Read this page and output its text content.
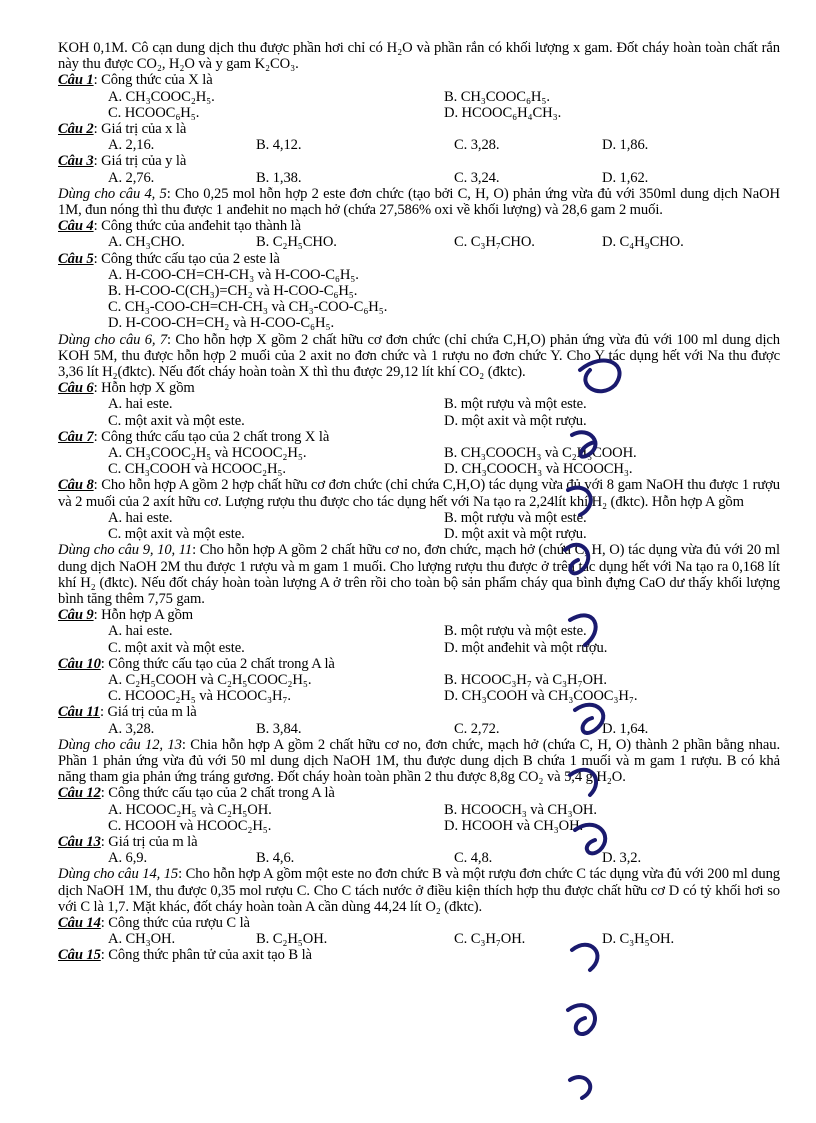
KOH 0,1M. Cô cạn dung dịch thu được phần hơi chỉ có H₂O và phần rắn có khối lượng x gam. Đốt cháy hoàn toàn chất rắn này thu được CO₂, H₂O và y gam K₂CO₃.

Câu 1: Công thức của X là
A. CH₃COOC₂H₅.	B. CH₃COOC₆H₅.
C. HCOOC₆H₅.	D. HCOOC₆H₄CH₃.
Câu 2: Giá trị của x là
A. 2,16.	B. 4,12.	C. 3,28.	D. 1,86.
Câu 3: Giá trị của y là
A. 2,76.	B. 1,38.	C. 3,24.	D. 1,62.

Dùng cho câu 4, 5: Cho 0,25 mol hỗn hợp 2 este đơn chức (tạo bởi C, H, O) phản ứng vừa đủ với 350ml dung dịch NaOH 1M, đun nóng thì thu được 1 anđehit no mạch hở (chứa 27,586% oxi về khối lượng) và 28,6 gam 2 muối.

Câu 4: Công thức của anđehit tạo thành là
A. CH₃CHO.	B. C₂H₅CHO.	C. C₃H₇CHO.	D. C₄H₉CHO.
Câu 5: Công thức cấu tạo của 2 este là
A. H-COO-CH=CH-CH₃ và H-COO-C₆H₅.
B. H-COO-C(CH₃)=CH₂ và H-COO-C₆H₅.
C. CH₃-COO-CH=CH-CH₃ và CH₃-COO-C₆H₅.
D. H-COO-CH=CH₂ và H-COO-C₆H₅.

Dùng cho câu 6, 7: Cho hỗn hợp X gồm 2 chất hữu cơ đơn chức (chỉ chứa C,H,O) phản ứng vừa đủ với 100 ml dung dịch KOH 5M, thu được hỗn hợp 2 muối của 2 axit no đơn chức và 1 rượu no đơn chức Y. Cho Y tác dụng hết với Na thu được 3,36 lít H₂(đktc). Nếu đốt cháy hoàn toàn X thì thu được 29,12 lít khí CO₂ (đktc).

Câu 6: Hỗn hợp X gồm
A. hai este.	B. một rượu và một este.
C. một axit và một este.	D. một axit và một rượu.
Câu 7: Công thức cấu tạo của 2 chất trong X là
A. CH₃COOC₂H₅ và HCOOC₂H₅.	B. CH₃COOCH₃ và C₂H₅COOH.
C. CH₃COOH và HCOOC₂H₅.	D. CH₃COOCH₃ và HCOOCH₃.

Câu 8: Cho hỗn hợp A gồm 2 hợp chất hữu cơ đơn chức (chỉ chứa C,H,O) tác dụng vừa đủ với 8 gam NaOH thu được 1 rượu và 2 muối của 2 axít hữu cơ. Lượng rượu thu được cho tác dụng hết với Na tạo ra 2,24lít khí H₂ (đktc). Hỗn hợp A gồm

A. hai este.	B. một rượu và một este.
C. một axit và một este.	D. một axit và một rượu.

Dùng cho câu 9, 10, 11: Cho hỗn hợp A gồm 2 chất hữu cơ no, đơn chức, mạch hở (chứa C, H, O) tác dụng vừa đủ với 20 ml dung dịch NaOH 2M thu được 1 rượu và m gam 1 muối. Cho lượng rượu thu được ở trên tác dụng hết với Na tạo ra 0,168 lít khí H₂ (đktc). Nếu đốt cháy hoàn toàn lượng A ở trên rồi cho toàn bộ sản phẩm cháy qua bình đựng CaO dư thấy khối lượng bình tăng thêm 7,75 gam.

Câu 9: Hỗn hợp A gồm
A. hai este.	B. một rượu và một este.
C. một axit và một este.	D. một anđehit và một rượu.
Câu 10: Công thức cấu tạo của 2 chất trong A là
A. C₂H₅COOH và C₂H₅COOC₂H₅.	B. HCOOC₃H₇ và C₃H₇OH.
C. HCOOC₂H₅ và HCOOC₃H₇.	D. CH₃COOH và CH₃COOC₃H₇.
Câu 11: Giá trị của m là
A. 3,28.	B. 3,84.	C. 2,72.	D. 1,64.

Dùng cho câu 12, 13: Chia hỗn hợp A gồm 2 chất hữu cơ no, đơn chức, mạch hở (chứa C, H, O) thành 2 phần bằng nhau. Phần 1 phản ứng vừa đủ với 50 ml dung dịch NaOH 1M, thu được dung dịch B chứa 1 muối và m gam 1 rượu. B có khả năng tham gia phản ứng tráng gương. Đốt cháy hoàn toàn phần 2 thu được 8,8g CO₂ và 5,4 g H₂O.

Câu 12: Công thức cấu tạo của 2 chất trong A là
A. HCOOC₂H₅ và C₂H₅OH.	B. HCOOCH₃ và CH₃OH.
C. HCOOH và HCOOC₂H₅.	D. HCOOH và CH₃OH.
Câu 13: Giá trị của m là
A. 6,9.	B. 4,6.	C. 4,8.	D. 3,2.

Dùng cho câu 14, 15: Cho hỗn hợp A gồm một este no đơn chức B và một rượu đơn chức C tác dụng vừa đủ với 200 ml dung dịch NaOH 1M, thu được 0,35 mol rượu C. Cho C tách nước ở điều kiện thích hợp thu được chất hữu cơ D có tỷ khối hơi so với C là 1,7. Mặt khác, đốt cháy hoàn toàn A cần dùng 44,24 lít O₂ (đktc).

Câu 14: Công thức của rượu C là
A. CH₃OH.	B. C₂H₅OH.	C. C₃H₇OH.	D. C₃H₅OH.
Câu 15: Công thức phân tử của axit tạo B là
